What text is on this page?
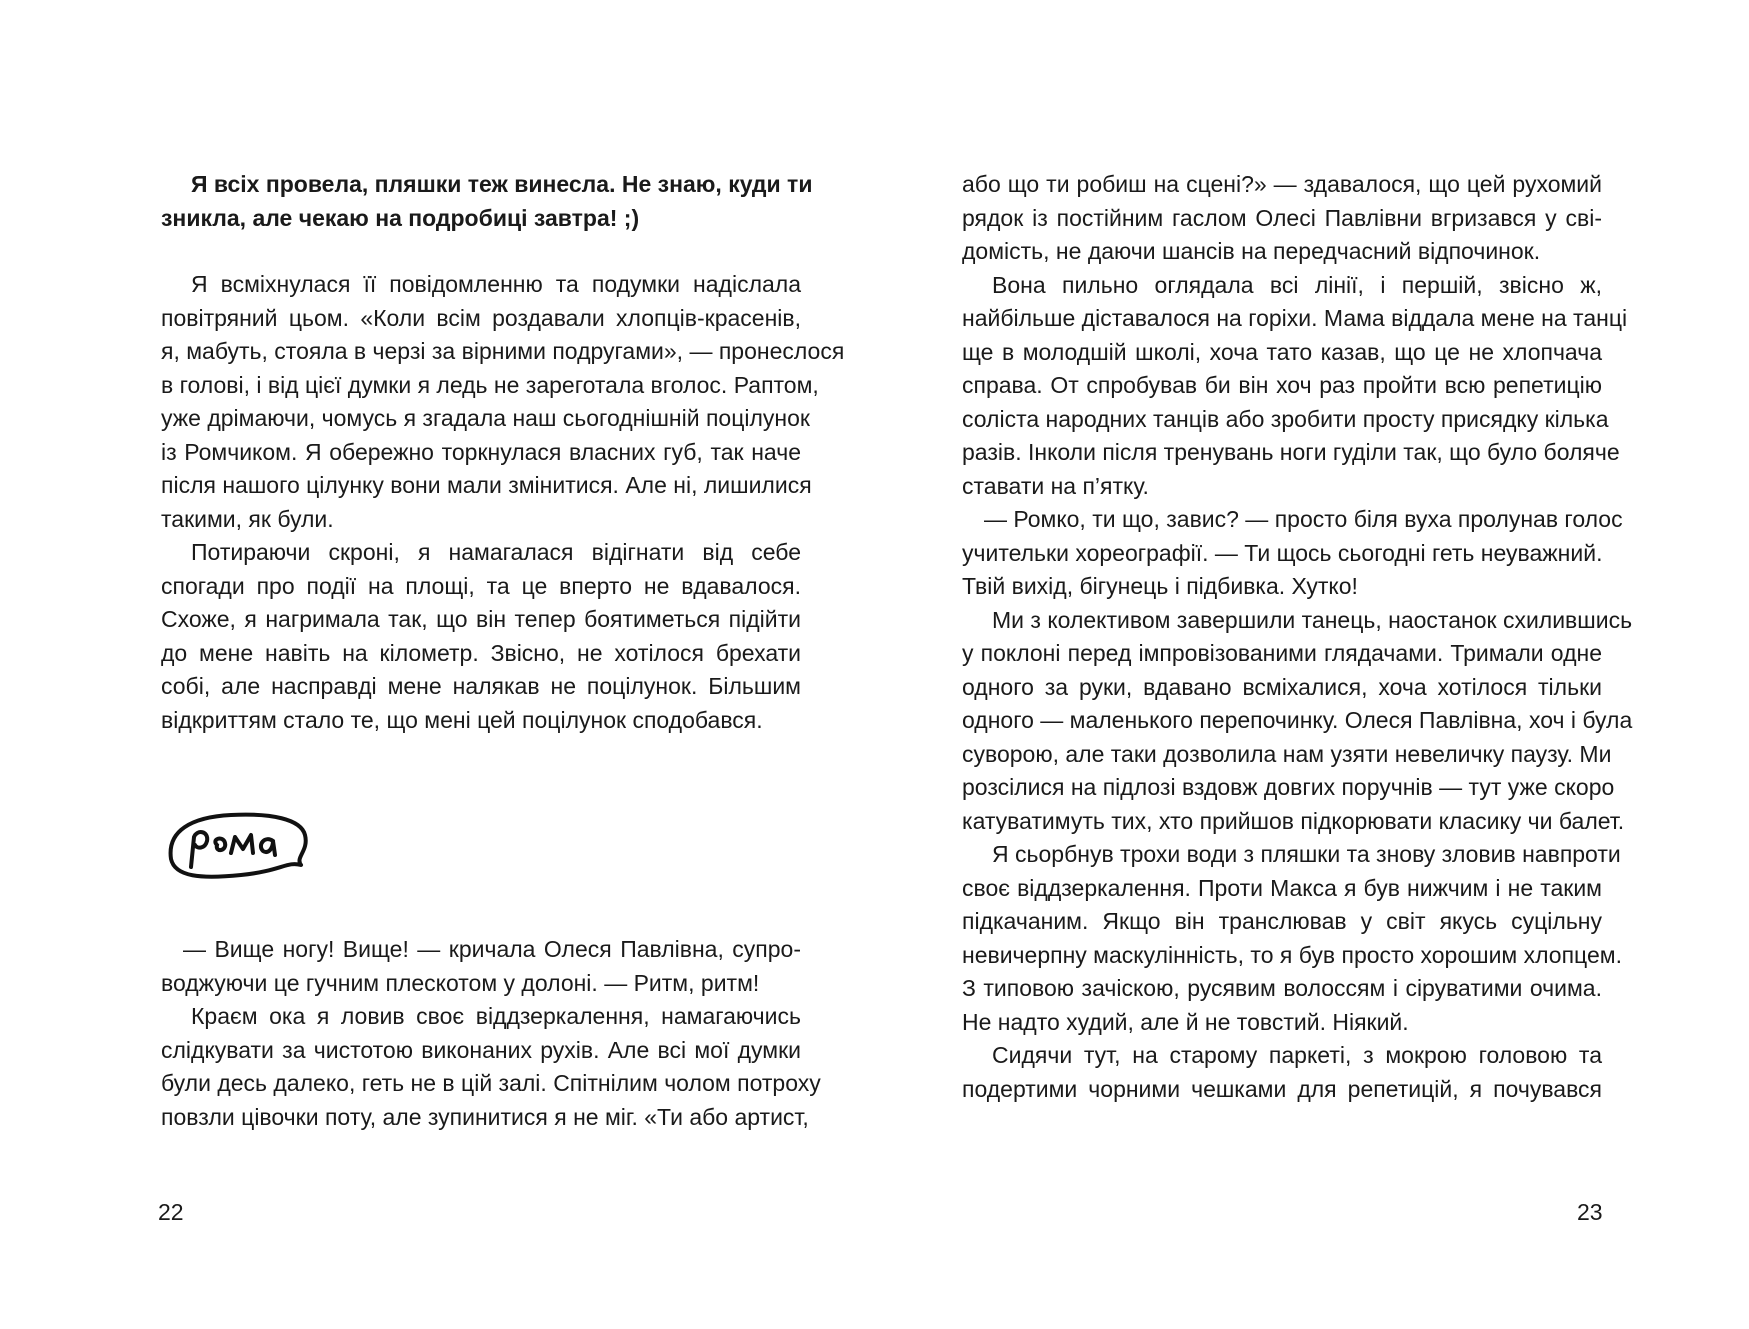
Я всіх провела, пляшки теж винесла. Не знаю, куди ти
зникла, але чекаю на подробиці завтра! ;)
Я всміхнулася її повідомленню та подумки надіслала
повітряний цьом. «Коли всім роздавали хлопців-красенів,
я, мабуть, стояла в черзі за вірними подругами», — пронеслося
в голові, і від цієї думки я ледь не зареготала вголос. Раптом,
уже дрімаючи, чомусь я згадала наш сьогоднішній поцілунок
із Ромчиком. Я обережно торкнулася власних губ, так наче
після нашого цілунку вони мали змінитися. Але ні, лишилися
такими, як були.
Потираючи скроні, я намагалася відігнати від себе
спогади про події на площі, та це вперто не вдавалося.
Схоже, я нагримала так, що він тепер боятиметься підійти
до мене навіть на кілометр. Звісно, не хотілося брехати
собі, але насправді мене налякав не поцілунок. Більшим
відкриттям стало те, що мені цей поцілунок сподобався.
— Вище ногу! Вище! — кричала Олеся Павлівна, супро-
воджуючи це гучним плескотом у долоні. — Ритм, ритм!
Краєм ока я ловив своє віддзеркалення, намагаючись
слідкувати за чистотою виконаних рухів. Але всі мої думки
були десь далеко, геть не в цій залі. Спітнілим чолом потроху
повзли цівочки поту, але зупинитися я не міг. «Ти або артист,
22
або що ти робиш на сцені?» — здавалося, що цей рухомий
рядок із постійним гаслом Олесі Павлівни вгризався у сві-
домість, не даючи шансів на передчасний відпочинок.
Вона пильно оглядала всі лінії, і першій, звісно ж,
найбільше діставалося на горіхи. Мама віддала мене на танці
ще в молодшій школі, хоча тато казав, що це не хлопчача
справа. От спробував би він хоч раз пройти всю репетицію
соліста народних танців або зробити просту присядку кілька
разів. Інколи після тренувань ноги гуділи так, що було боляче
ставати на п’ятку.
— Ромко, ти що, завис? — просто біля вуха пролунав голос
учительки хореографії. — Ти щось сьогодні геть неуважний.
Твій вихід, бігунець і підбивка. Хутко!
Ми з колективом завершили танець, наостанок схилившись
у поклоні перед імпровізованими глядачами. Тримали одне
одного за руки, вдавано всміхалися, хоча хотілося тільки
одного — маленького перепочинку. Олеся Павлівна, хоч і була
суворою, але таки дозволила нам узяти невеличку паузу. Ми
розсілися на підлозі вздовж довгих поручнів — тут уже скоро
катуватимуть тих, хто прийшов підкорювати класику чи балет.
Я сьорбнув трохи води з пляшки та знову зловив навпроти
своє віддзеркалення. Проти Макса я був нижчим і не таким
підкачаним. Якщо він транслював у світ якусь суцільну
невичерпну маскулінність, то я був просто хорошим хлопцем.
З типовою зачіскою, русявим волоссям і сіруватими очима.
Не надто худий, але й не товстий. Ніякий.
Сидячи тут, на старому паркеті, з мокрою головою та
подертими чорними чешками для репетицій, я почувався
23
